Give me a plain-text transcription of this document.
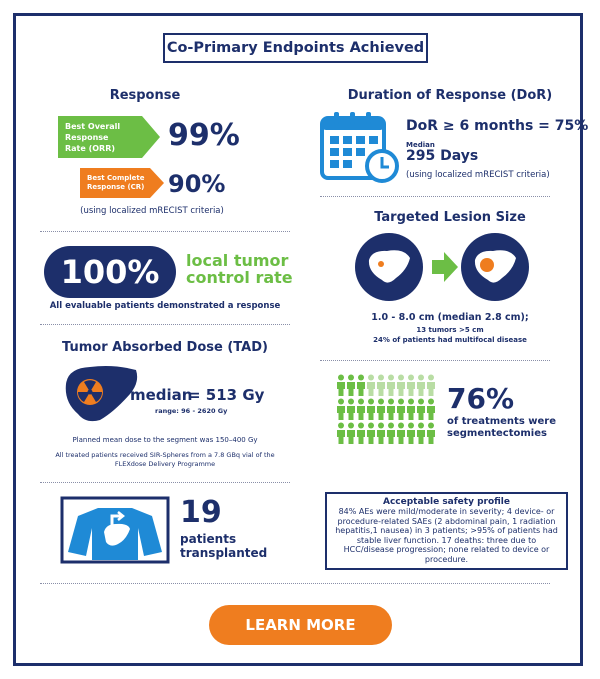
Co-Primary Endpoints Achieved
Response
Best Overall
Response
Rate (ORR) 99%
Best Complete
Response (CR) 90%
(using localized mRECIST criteria)
Duration of Response (DoR)
DoR ≥ 6 months = 75%
Median
295 Days
(using localized mRECIST criteria)
100%	local tumor
control rate
All evaluable patients demonstrated a response
Targeted Lesion Size
1.0 - 8.0 cm (median 2.8 cm);
13 tumors >5 cm
24% of patients had multifocal disease
Tumor Absorbed Dose (TAD)
median
= 513 Gy
range: 96 - 2620 Gy
Planned mean dose to the segment was 150–400 Gy
All treated patients received SIR-Spheres from a 7.8 GBq vial of the
FLEXdose Delivery Programme
76%
of treatments were
segmentectomies
19
patients
transplanted
Acceptable safety profile
84% AEs were mild/moderate in severity; 4 device- or procedure-related SAEs (2 abdominal pain, 1 radiation hepatitis,1 nausea) in 3 patients; >95% of patients had stable liver function. 17 deaths: three due to HCC/disease progression; none related to device or procedure.
LEARN MORE
